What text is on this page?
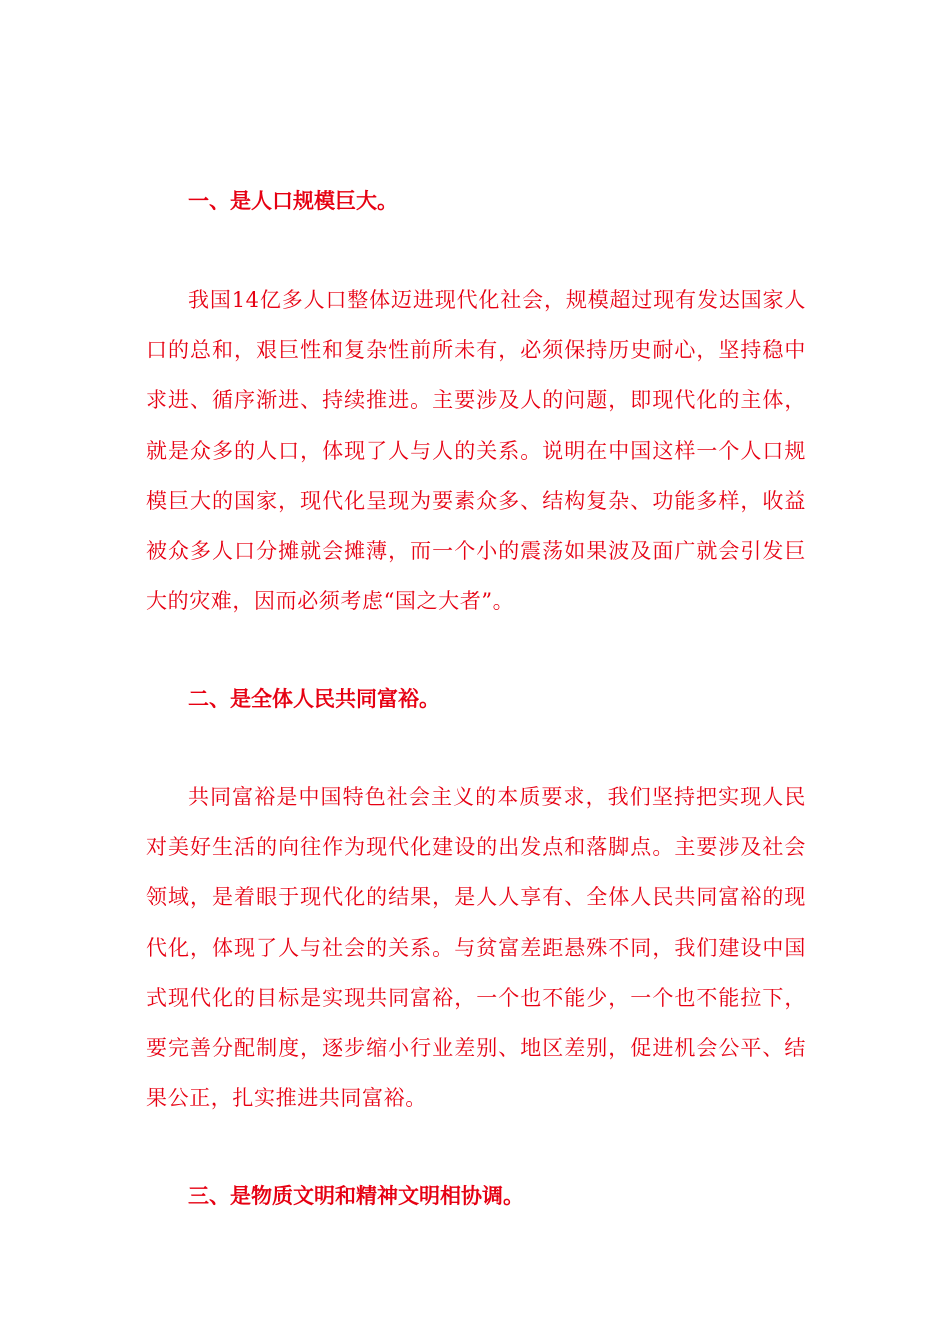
一、是人口规模巨大。

我国14亿多人口整体迈进现代化社会，规模超过现有发达国家人口的总和，艰巨性和复杂性前所未有，必须保持历史耐心，坚持稳中求进、循序渐进、持续推进。主要涉及人的问题，即现代化的主体，就是众多的人口，体现了人与人的关系。说明在中国这样一个人口规模巨大的国家，现代化呈现为要素众多、结构复杂、功能多样，收益被众多人口分摊就会摊薄，而一个小的震荡如果波及面广就会引发巨大的灾难，因而必须考虑“国之大者”。

二、是全体人民共同富裕。

共同富裕是中国特色社会主义的本质要求，我们坚持把实现人民对美好生活的向往作为现代化建设的出发点和落脚点。主要涉及社会领域，是着眼于现代化的结果，是人人享有、全体人民共同富裕的现代化，体现了人与社会的关系。与贫富差距悬殊不同，我们建设中国式现代化的目标是实现共同富裕，一个也不能少，一个也不能拉下，要完善分配制度，逐步缩小行业差别、地区差别，促进机会公平、结果公正，扎实推进共同富裕。

三、是物质文明和精神文明相协调。
